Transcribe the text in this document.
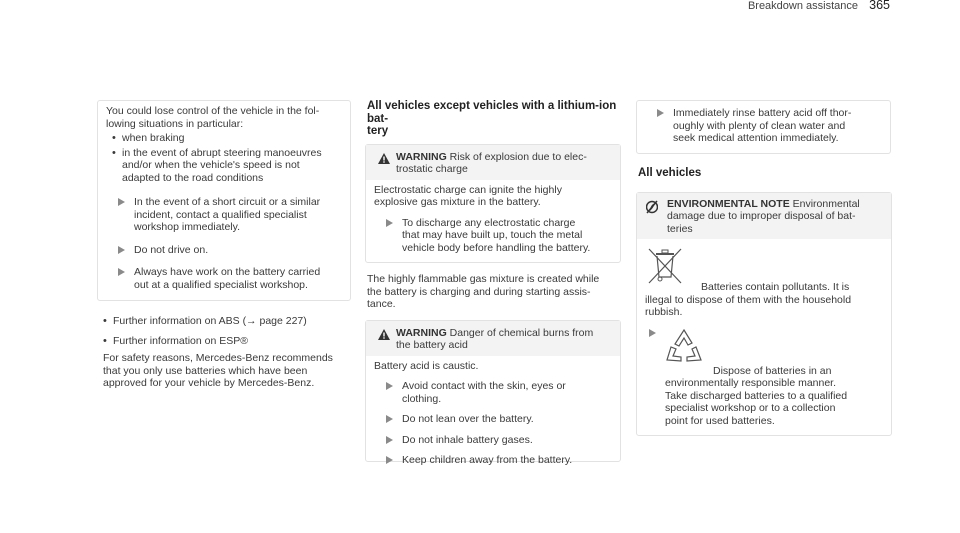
Breakdown assistance 365

You could lose control of the vehicle in the fol-

lowing situations in particular:

• when braking

• in the event of abrupt steering manoeuvres

and/or when the vehicle's speed is not

adapted to the road conditions

In the event of a short circuit or a similar

incident, contact a qualified specialist

workshop immediately.

Do not drive on.

Always have work on the battery carried

out at a qualified specialist workshop.

• Further information on ABS (→ page 227)

• Further information on ESP®

For safety reasons, Mercedes-Benz recommends

that you only use batteries which have been

approved for your vehicle by Mercedes-Benz.

All vehicles except vehicles with a lithium-ion bat-

tery

WARNING Risk of explosion due to elec-

trostatic charge

Electrostatic charge can ignite the highly

explosive gas mixture in the battery.

To discharge any electrostatic charge

that may have built up, touch the metal

vehicle body before handling the battery.

The highly flammable gas mixture is created while

the battery is charging and during starting assis-

tance.

WARNING Danger of chemical burns from

the battery acid

Battery acid is caustic.

Avoid contact with the skin, eyes or

clothing.

Do not lean over the battery.

Do not inhale battery gases.

Keep children away from the battery.

Immediately rinse battery acid off thor-

oughly with plenty of clean water and

seek medical attention immediately.

All vehicles

ENVIRONMENTAL NOTE Environmental

damage due to improper disposal of bat-

teries

Batteries contain pollutants. It is

illegal to dispose of them with the household

rubbish.

Dispose of batteries in an

environmentally responsible manner.

Take discharged batteries to a qualified

specialist workshop or to a collection

point for used batteries.
